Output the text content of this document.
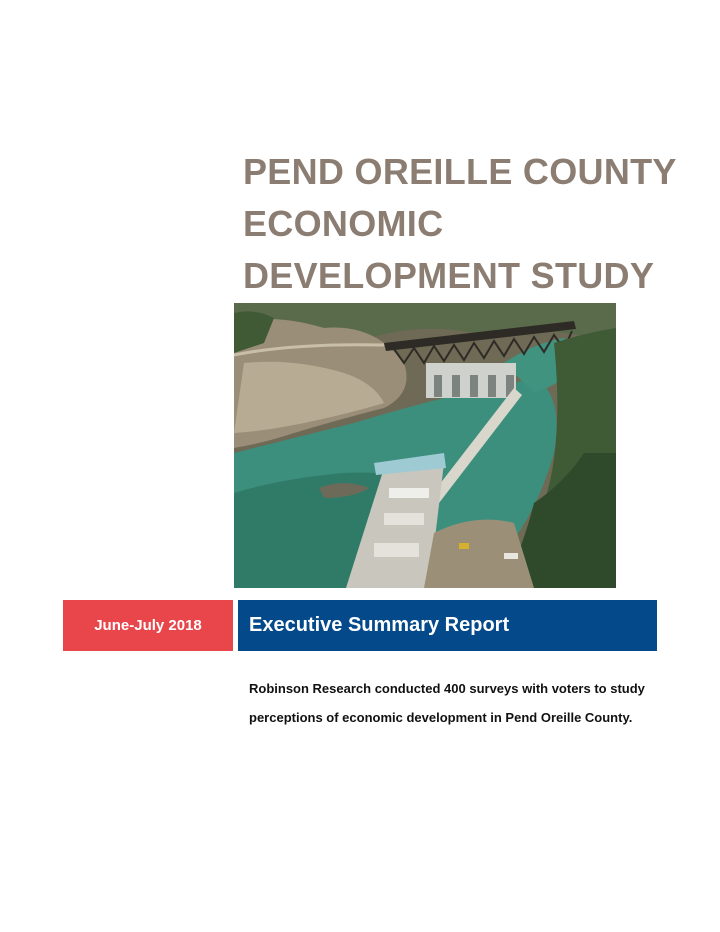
PEND OREILLE COUNTY
ECONOMIC
DEVELOPMENT STUDY
June-July 2018 Executive Summary Report

Robinson Research conducted 400 surveys with voters to study perceptions of economic development in Pend Oreille County.
